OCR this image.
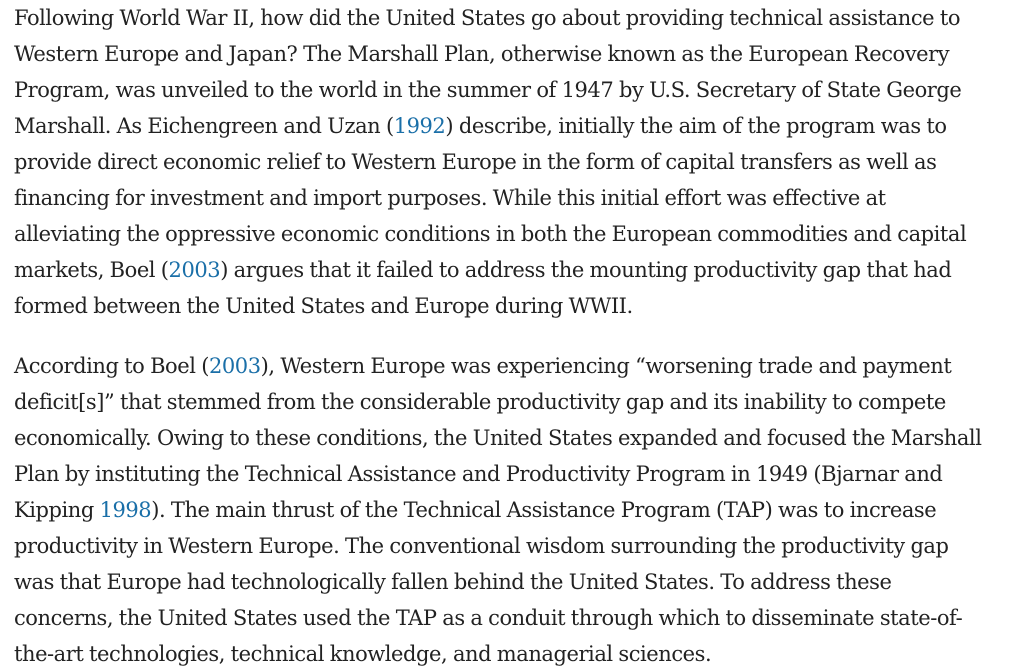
Following World War II, how did the United States go about providing technical assistance to
Western Europe and Japan? The Marshall Plan, otherwise known as the European Recovery
Program, was unveiled to the world in the summer of 1947 by U.S. Secretary of State George
Marshall. As Eichengreen and Uzan (1992) describe, initially the aim of the program was to
provide direct economic relief to Western Europe in the form of capital transfers as well as
financing for investment and import purposes. While this initial effort was effective at
alleviating the oppressive economic conditions in both the European commodities and capital
markets, Boel (2003) argues that it failed to address the mounting productivity gap that had
formed between the United States and Europe during WWII.

According to Boel (2003), Western Europe was experiencing “worsening trade and payment
deficit[s]” that stemmed from the considerable productivity gap and its inability to compete
economically. Owing to these conditions, the United States expanded and focused the Marshall
Plan by instituting the Technical Assistance and Productivity Program in 1949 (Bjarnar and
Kipping 1998). The main thrust of the Technical Assistance Program (TAP) was to increase
productivity in Western Europe. The conventional wisdom surrounding the productivity gap
was that Europe had technologically fallen behind the United States. To address these
concerns, the United States used the TAP as a conduit through which to disseminate state-of-
the-art technologies, technical knowledge, and managerial sciences.
